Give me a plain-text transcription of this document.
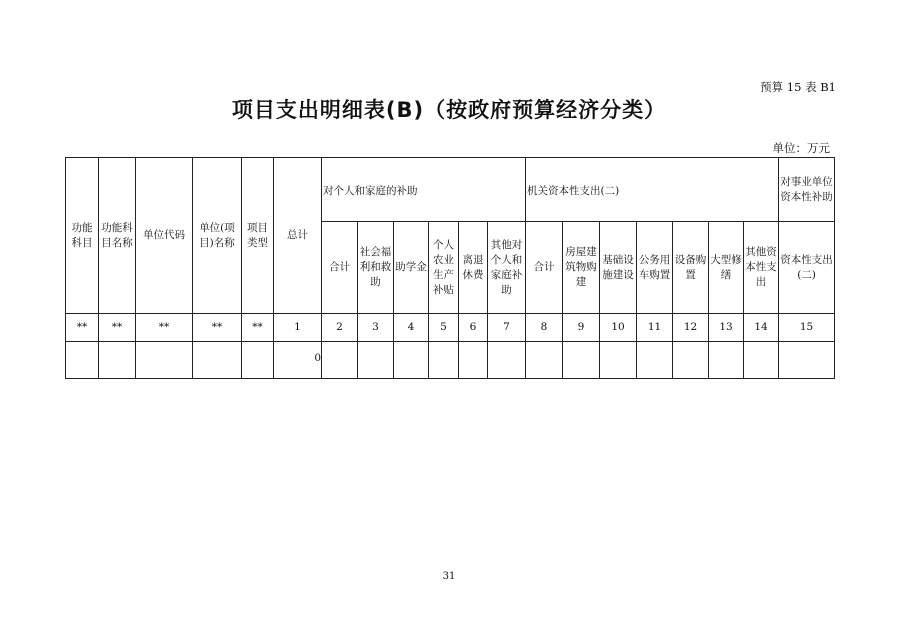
预算 15 表 B1
项目支出明细表(B)（按政府预算经济分类）
单位：万元
功能科目	功能科目名称	单位代码	单位(项目)名称	项目类型	总计	对个人和家庭的补助						机关资本性支出(二)							对事业单位资本性补助
						合计	社会福利和救助	助学金	个人农业生产补贴	离退休费	其他对个人和家庭补助	合计	房屋建筑物购建	基础设施建设	公务用车购置	设备购置	大型修缮	其他资本性支出	资本性支出(二)
**	**	**	**	**	1	2	3	4	5	6	7	8	9	10	11	12	13	14	15
					0														
31
